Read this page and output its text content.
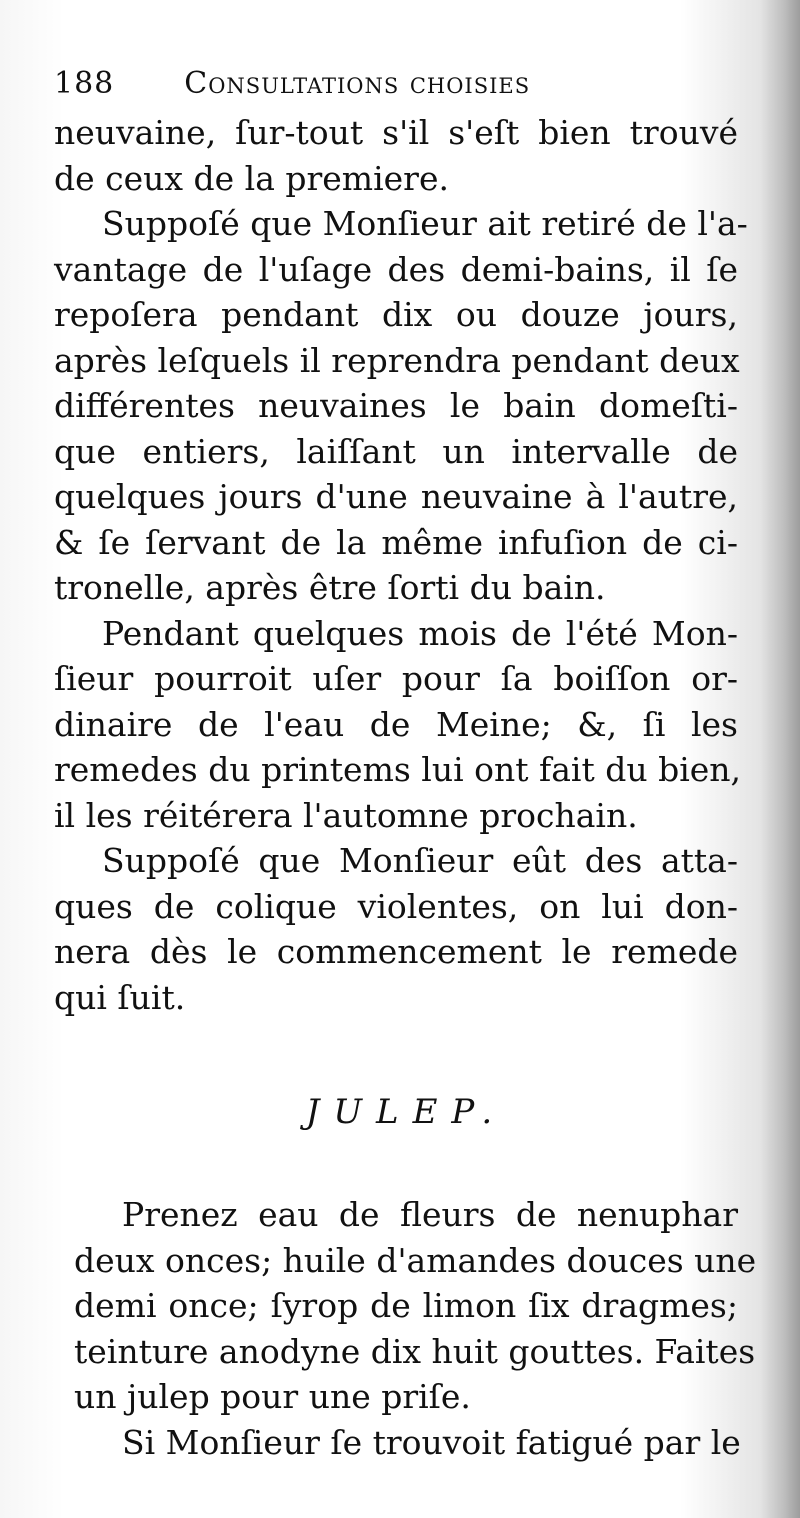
188 Consultations choisies
neuvaine, ſur-tout s'il s'eſt bien trouvé
de ceux de la premiere.
Suppoſé que Monſieur ait retiré de l'a-
vantage de l'uſage des demi-bains, il ſe
repoſera pendant dix ou douze jours,
après leſquels il reprendra pendant deux
différentes neuvaines le bain domeſti-
que entiers, laiſſant un intervalle de
quelques jours d'une neuvaine à l'autre,
& ſe ſervant de la même infuſion de ci-
tronelle, après être ſorti du bain.
Pendant quelques mois de l'été Mon-
ſieur pourroit uſer pour ſa boiſſon or-
dinaire de l'eau de Meine; &, ſi les
remedes du printems lui ont fait du bien,
il les réitérera l'automne prochain.
Suppoſé que Monſieur eût des atta-
ques de colique violentes, on lui don-
nera dès le commencement le remede
qui ſuit.
JULEP.
Prenez eau de fleurs de nenuphar
deux onces; huile d'amandes douces une
demi once; ſyrop de limon ſix dragmes;
teinture anodyne dix huit gouttes. Faites
un julep pour une priſe.
Si Monſieur ſe trouvoit fatigué par le
